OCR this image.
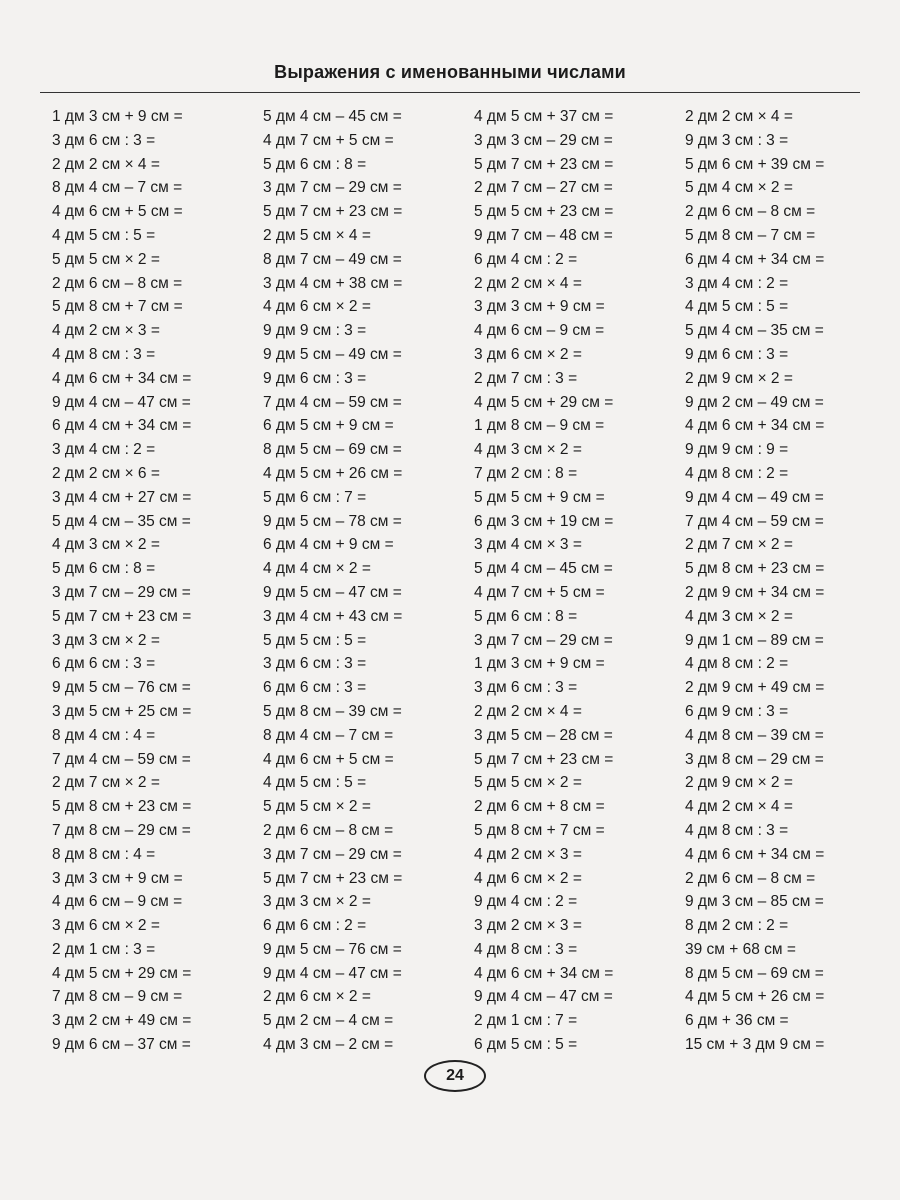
Выражения с именованными числами
1 дм 3 см + 9 см =
3 дм 6 см : 3 =
2 дм 2 см × 4 =
8 дм 4 см – 7 см =
4 дм 6 см + 5 см =
4 дм 5 см : 5 =
5 дм 5 см × 2 =
2 дм 6 см – 8 см =
5 дм 8 см + 7 см =
4 дм 2 см × 3 =
4 дм 8 см : 3 =
4 дм 6 см + 34 см =
9 дм 4 см – 47 см =
6 дм 4 см + 34 см =
3 дм 4 см : 2 =
2 дм 2 см × 6 =
3 дм 4 см + 27 см =
5 дм 4 см – 35 см =
4 дм 3 см × 2 =
5 дм 6 см : 8 =
3 дм 7 см – 29 см =
5 дм 7 см + 23 см =
3 дм 3 см × 2 =
6 дм 6 см : 3 =
9 дм 5 см – 76 см =
3 дм 5 см + 25 см =
8 дм 4 см : 4 =
7 дм 4 см – 59 см =
2 дм 7 см × 2 =
5 дм 8 см + 23 см =
7 дм 8 см – 29 см =
8 дм 8 см : 4 =
3 дм 3 см + 9 см =
4 дм 6 см – 9 см =
3 дм 6 см × 2 =
2 дм 1 см : 3 =
4 дм 5 см + 29 см =
7 дм 8 см – 9 см =
3 дм 2 см + 49 см =
9 дм 6 см – 37 см =
5 дм 4 см – 45 см =
4 дм 7 см + 5 см =
5 дм 6 см : 8 =
3 дм 7 см – 29 см =
5 дм 7 см + 23 см =
2 дм 5 см × 4 =
8 дм 7 см – 49 см =
3 дм 4 см + 38 см =
4 дм 6 см × 2 =
9 дм 9 см : 3 =
9 дм 5 см – 49 см =
9 дм 6 см : 3 =
7 дм 4 см – 59 см =
6 дм 5 см + 9 см =
8 дм 5 см – 69 см =
4 дм 5 см + 26 см =
5 дм 6 см : 7 =
9 дм 5 см – 78 см =
6 дм 4 см + 9 см =
4 дм 4 см × 2 =
9 дм 5 см – 47 см =
3 дм 4 см + 43 см =
5 дм 5 см : 5 =
3 дм 6 см : 3 =
6 дм 6 см : 3 =
5 дм 8 см – 39 см =
8 дм 4 см – 7 см =
4 дм 6 см + 5 см =
4 дм 5 см : 5 =
5 дм 5 см × 2 =
2 дм 6 см – 8 см =
3 дм 7 см – 29 см =
5 дм 7 см + 23 см =
3 дм 3 см × 2 =
6 дм 6 см : 2 =
9 дм 5 см – 76 см =
9 дм 4 см – 47 см =
2 дм 6 см × 2 =
5 дм 2 см – 4 см =
4 дм 3 см – 2 см =
4 дм 5 см + 37 см =
3 дм 3 см – 29 см =
5 дм 7 см + 23 см =
2 дм 7 см – 27 см =
5 дм 5 см + 23 см =
9 дм 7 см – 48 см =
6 дм 4 см : 2 =
2 дм 2 см × 4 =
3 дм 3 см + 9 см =
4 дм 6 см – 9 см =
3 дм 6 см × 2 =
2 дм 7 см : 3 =
4 дм 5 см + 29 см =
1 дм 8 см – 9 см =
4 дм 3 см × 2 =
7 дм 2 см : 8 =
5 дм 5 см + 9 см =
6 дм 3 см + 19 см =
3 дм 4 см × 3 =
5 дм 4 см – 45 см =
4 дм 7 см + 5 см =
5 дм 6 см : 8 =
3 дм 7 см – 29 см =
1 дм 3 см + 9 см =
3 дм 6 см : 3 =
2 дм 2 см × 4 =
3 дм 5 см – 28 см =
5 дм 7 см + 23 см =
5 дм 5 см × 2 =
2 дм 6 см + 8 см =
5 дм 8 см + 7 см =
4 дм 2 см × 3 =
4 дм 6 см × 2 =
9 дм 4 см : 2 =
3 дм 2 см × 3 =
4 дм 8 см : 3 =
4 дм 6 см + 34 см =
9 дм 4 см – 47 см =
2 дм 1 см : 7 =
6 дм 5 см : 5 =
2 дм 2 см × 4 =
9 дм 3 см : 3 =
5 дм 6 см + 39 см =
5 дм 4 см × 2 =
2 дм 6 см – 8 см =
5 дм 8 см – 7 см =
6 дм 4 см + 34 см =
3 дм 4 см : 2 =
4 дм 5 см : 5 =
5 дм 4 см – 35 см =
9 дм 6 см : 3 =
2 дм 9 см × 2 =
9 дм 2 см – 49 см =
4 дм 6 см + 34 см =
9 дм 9 см : 9 =
4 дм 8 см : 2 =
9 дм 4 см – 49 см =
7 дм 4 см – 59 см =
2 дм 7 см × 2 =
5 дм 8 см + 23 см =
2 дм 9 см + 34 см =
4 дм 3 см × 2 =
9 дм 1 см – 89 см =
4 дм 8 см : 2 =
2 дм 9 см + 49 см =
6 дм 9 см : 3 =
4 дм 8 см – 39 см =
3 дм 8 см – 29 см =
2 дм 9 см × 2 =
4 дм 2 см × 4 =
4 дм 8 см : 3 =
4 дм 6 см + 34 см =
2 дм 6 см – 8 см =
9 дм 3 см – 85 см =
8 дм 2 см : 2 =
39 см + 68 см =
8 дм 5 см – 69 см =
4 дм 5 см + 26 см =
6 дм + 36 см =
15 см + 3 дм 9 см =
24
